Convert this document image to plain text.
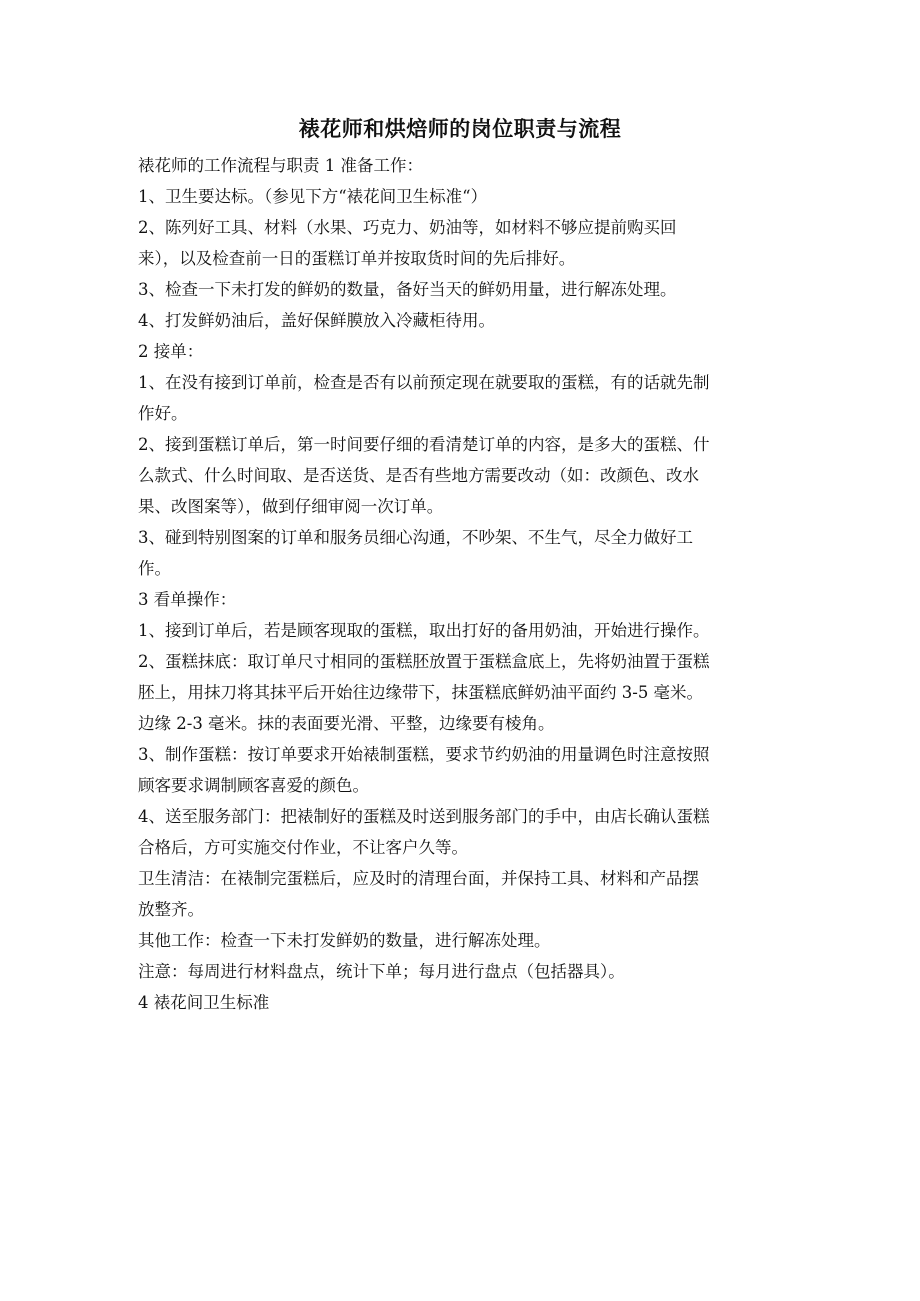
裱花师和烘焙师的岗位职责与流程
裱花师的工作流程与职责 1 准备工作：
1、卫生要达标。（参见下方“裱花间卫生标准“）
2、陈列好工具、材料（水果、巧克力、奶油等，如材料不够应提前购买回
来），以及检查前一日的蛋糕订单并按取货时间的先后排好。
3、检查一下未打发的鲜奶的数量，备好当天的鲜奶用量，进行解冻处理。
4、打发鲜奶油后，盖好保鲜膜放入冷藏柜待用。
2 接单：
1、在没有接到订单前，检查是否有以前预定现在就要取的蛋糕，有的话就先制
作好。
2、接到蛋糕订单后，第一时间要仔细的看清楚订单的内容，是多大的蛋糕、什
么款式、什么时间取、是否送货、是否有些地方需要改动（如：改颜色、改水
果、改图案等），做到仔细审阅一次订单。
3、碰到特别图案的订单和服务员细心沟通，不吵架、不生气，尽全力做好工
作。
3 看单操作：
1、接到订单后，若是顾客现取的蛋糕，取出打好的备用奶油，开始进行操作。
2、蛋糕抹底：取订单尺寸相同的蛋糕胚放置于蛋糕盒底上，先将奶油置于蛋糕
胚上，用抹刀将其抹平后开始往边缘带下，抹蛋糕底鲜奶油平面约 3-5 毫米。
边缘 2-3 毫米。抹的表面要光滑、平整，边缘要有棱角。
3、制作蛋糕：按订单要求开始裱制蛋糕，要求节约奶油的用量调色时注意按照
顾客要求调制顾客喜爱的颜色。
4、送至服务部门：把裱制好的蛋糕及时送到服务部门的手中，由店长确认蛋糕
合格后，方可实施交付作业，不让客户久等。
卫生清洁：在裱制完蛋糕后，应及时的清理台面，并保持工具、材料和产品摆
放整齐。
其他工作：检查一下未打发鲜奶的数量，进行解冻处理。
注意：每周进行材料盘点，统计下单；每月进行盘点（包括器具）。
4 裱花间卫生标准
